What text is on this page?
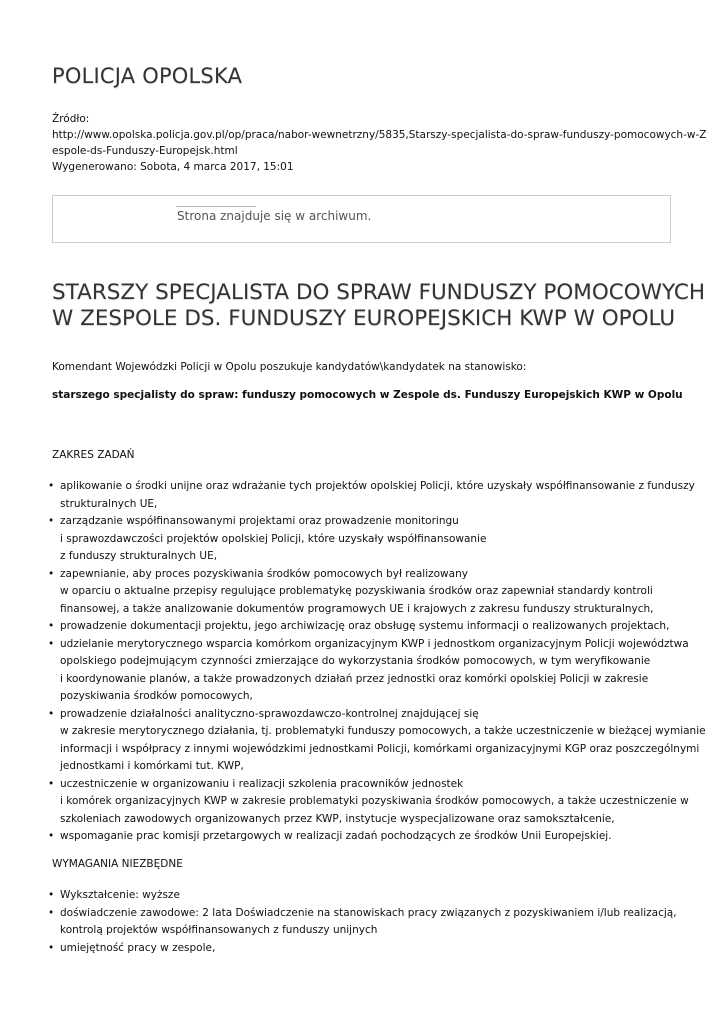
POLICJA OPOLSKA
Źródło:
http://www.opolska.policja.gov.pl/op/praca/nabor-wewnetrzny/5835,Starszy-specjalista-do-spraw-funduszy-pomocowych-w-Z
espole-ds-Funduszy-Europejsk.html
Wygenerowano: Sobota, 4 marca 2017, 15:01
Strona znajduje się w archiwum.
STARSZY SPECJALISTA DO SPRAW FUNDUSZY POMOCOWYCH
W ZESPOLE DS. FUNDUSZY EUROPEJSKICH KWP W OPOLU
Komendant Wojewódzki Policji w Opolu poszukuje kandydatów\kandydatek na stanowisko:
starszego specjalisty do spraw: funduszy pomocowych w Zespole ds. Funduszy Europejskich KWP w Opolu
ZAKRES ZADAŃ
• aplikowanie o środki unijne oraz wdrażanie tych projektów opolskiej Policji, które uzyskały współfinansowanie z funduszy
strukturalnych UE,
• zarządzanie współfinansowanymi projektami oraz prowadzenie monitoringu
i sprawozdawczości projektów opolskiej Policji, które uzyskały współfinansowanie
z funduszy strukturalnych UE,
• zapewnianie, aby proces pozyskiwania środków pomocowych był realizowany
w oparciu o aktualne przepisy regulujące problematykę pozyskiwania środków oraz zapewniał standardy kontroli
finansowej, a także analizowanie dokumentów programowych UE i krajowych z zakresu funduszy strukturalnych,
• prowadzenie dokumentacji projektu, jego archiwizację oraz obsługę systemu informacji o realizowanych projektach,
• udzielanie merytorycznego wsparcia komórkom organizacyjnym KWP i jednostkom organizacyjnym Policji województwa
opolskiego podejmującym czynności zmierzające do wykorzystania środków pomocowych, w tym weryfikowanie
i koordynowanie planów, a także prowadzonych działań przez jednostki oraz komórki opolskiej Policji w zakresie
pozyskiwania środków pomocowych,
• prowadzenie działalności analityczno-sprawozdawczo-kontrolnej znajdującej się
w zakresie merytorycznego działania, tj. problematyki funduszy pomocowych, a także uczestniczenie w bieżącej wymianie
informacji i współpracy z innymi wojewódzkimi jednostkami Policji, komórkami organizacyjnymi KGP oraz poszczególnymi
jednostkami i komórkami tut. KWP,
• uczestniczenie w organizowaniu i realizacji szkolenia pracowników jednostek
i komórek organizacyjnych KWP w zakresie problematyki pozyskiwania środków pomocowych, a także uczestniczenie w
szkoleniach zawodowych organizowanych przez KWP, instytucje wyspecjalizowane oraz samokształcenie,
• wspomaganie prac komisji przetargowych w realizacji zadań pochodzących ze środków Unii Europejskiej.
WYMAGANIA NIEZBĘDNE
• Wykształcenie: wyższe
• doświadczenie zawodowe: 2 lata Doświadczenie na stanowiskach pracy związanych z pozyskiwaniem i/lub realizacją,
kontrolą projektów współfinansowanych z funduszy unijnych
• umiejętność pracy w zespole,
